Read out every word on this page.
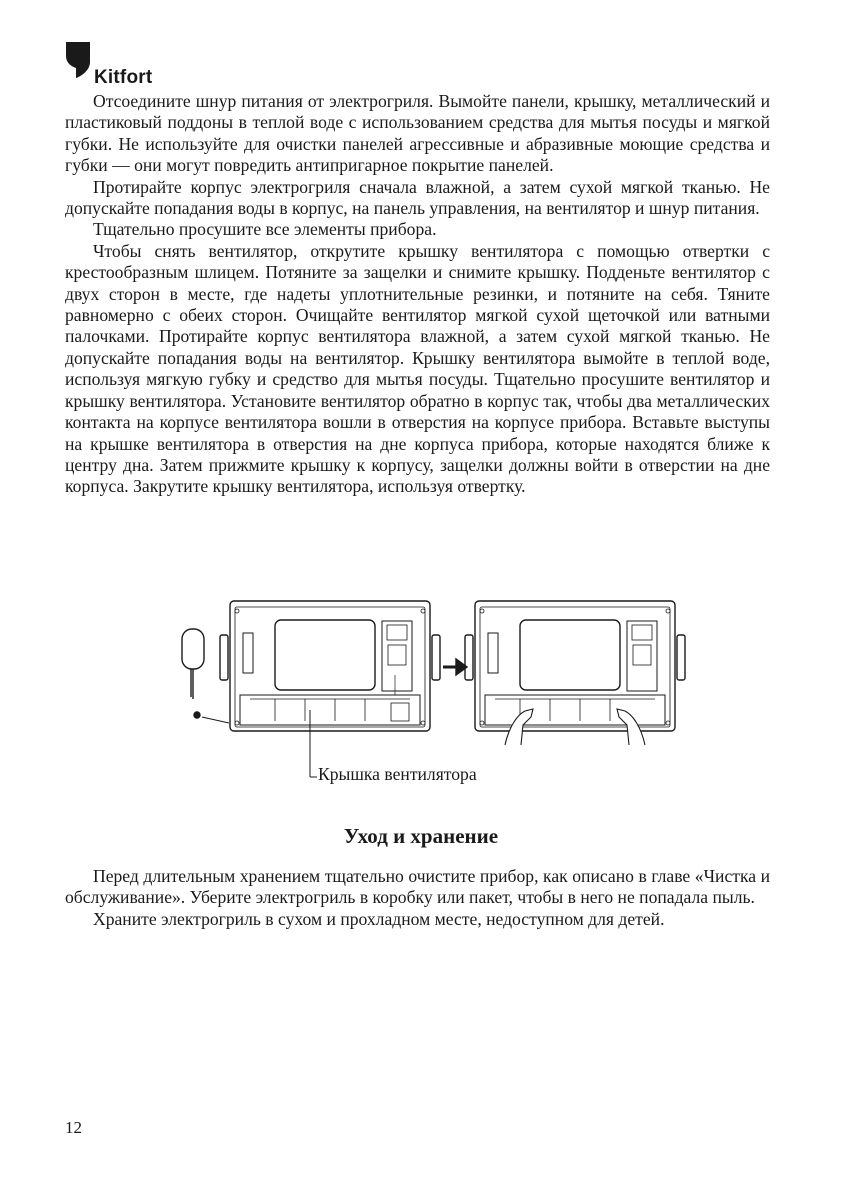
Kitfort

Отсоедините шнур питания от электрогриля. Вымойте панели, крышку, металлический и пластиковый поддоны в теплой воде с использованием средства для мытья посуды и мягкой губки. Не используйте для очистки панелей агрессивные и абразивные моющие средства и губки — они могут повредить антипригарное покрытие панелей.

Протирайте корпус электрогриля сначала влажной, а затем сухой мягкой тканью. Не допускайте попадания воды в корпус, на панель управления, на вентилятор и шнур питания.

Тщательно просушите все элементы прибора.

Чтобы снять вентилятор, открутите крышку вентилятора с помощью отвертки с крестообразным шлицем. Потяните за защелки и снимите крышку. Подденьте вентилятор с двух сторон в месте, где надеты уплотнительные резинки, и потяните на себя. Тяните равномерно с обеих сторон. Очищайте вентилятор мягкой сухой щеточкой или ватными палочками. Протирайте корпус вентилятора влажной, а затем сухой мягкой тканью. Не допускайте попадания воды на вентилятор. Крышку вентилятора вымойте в теплой воде, используя мягкую губку и средство для мытья посуды. Тщательно просушите вентилятор и крышку вентилятора. Установите вентилятор обратно в корпус так, чтобы два металлических контакта на корпусе вентилятора вошли в отверстия на корпусе прибора. Вставьте выступы на крышке вентилятора в отверстия на дне корпуса прибора, которые находятся ближе к центру дна. Затем прижмите крышку к корпусу, защелки должны войти в отверстии на дне корпуса. Закрутите крышку вентилятора, используя отвертку.

Крышка вентилятора
Уход и хранение

Перед длительным хранением тщательно очистите прибор, как описано в главе «Чистка и обслуживание». Уберите электрогриль в коробку или пакет, чтобы в него не попадала пыль.

Храните электрогриль в сухом и прохладном месте, недоступном для детей.

12
